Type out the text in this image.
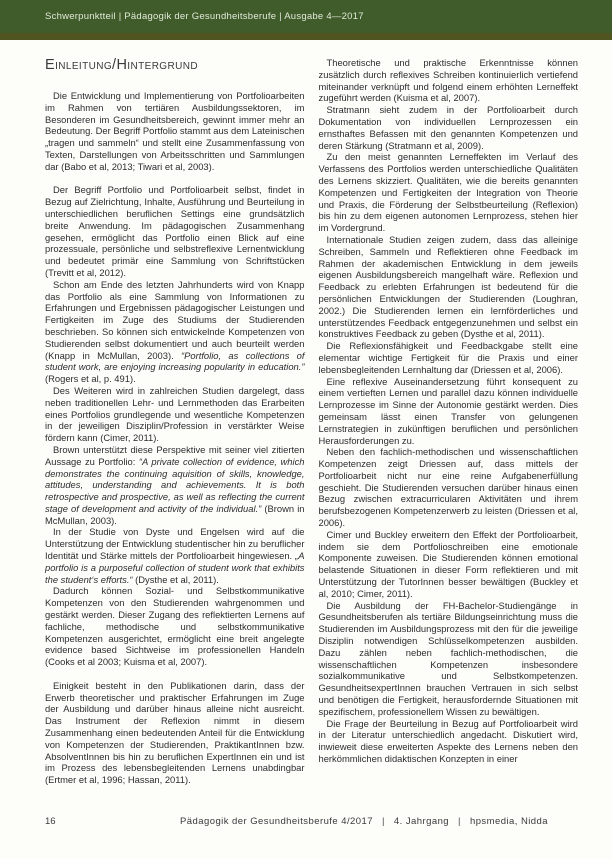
Schwerpunktteil | Pädagogik der Gesundheitsberufe | Ausgabe 4—2017
Einleitung/Hintergrund

Die Entwicklung und Implementierung von Portfolioarbeiten im Rahmen von tertiären Ausbildungssektoren, im Besonderen im Gesundheitsbereich, gewinnt immer mehr an Bedeutung. Der Begriff Portfolio stammt aus dem Lateinischen „tragen und sammeln“ und stellt eine Zusammenfassung von Texten, Darstellungen von Arbeitsschritten und Sammlungen dar (Babo et al, 2013; Tiwari et al, 2003).

Der Begriff Portfolio und Portfolioarbeit selbst, findet in Bezug auf Zielrichtung, Inhalte, Ausführung und Beurteilung in unterschiedlichen beruflichen Settings eine grundsätzlich breite Anwendung. Im pädagogischen Zusammenhang gesehen, ermöglicht das Portfolio einen Blick auf eine prozessuale, persönliche und selbstreflexive Lernentwicklung und bedeutet primär eine Sammlung von Schriftstücken (Trevitt et al, 2012).

Schon am Ende des letzten Jahrhunderts wird von Knapp das Portfolio als eine Sammlung von Informationen zu Erfahrungen und Ergebnissen pädagogischer Leistungen und Fertigkeiten im Zuge des Studiums der Studierenden beschrieben. So können sich entwickelnde Kompetenzen von Studierenden selbst dokumentiert und auch beurteilt werden (Knapp in McMullan, 2003). “Portfolio, as collections of student work, are enjoying increasing popularity in education.” (Rogers et al, p. 491).

Des Weiteren wird in zahlreichen Studien dargelegt, dass neben traditionellen Lehr- und Lernmethoden das Erarbeiten eines Portfolios grundlegende und wesentliche Kompetenzen in der jeweiligen Disziplin/Profession in verstärkter Weise fördern kann (Cimer, 2011).

Brown unterstützt diese Perspektive mit seiner viel zitierten Aussage zu Portfolio: “A private collection of evidence, which demonstrates the continuing aquisition of skills, knowledge, attitudes, understanding and achievements. It is both retrospective and prospective, as well as reflecting the current stage of development and activity of the individual.” (Brown in McMullan, 2003).

In der Studie von Dyste und Engelsen wird auf die Unterstützung der Entwicklung studentischer hin zu beruflicher Identität und Stärke mittels der Portfolioarbeit hingewiesen. „A portfolio is a purposeful collection of student work that exhibits the student‘s efforts.“ (Dysthe et al, 2011).

Dadurch können Sozial- und Selbstkommunikative Kompetenzen von den Studierenden wahrgenommen und gestärkt werden. Dieser Zugang des reflektierten Lernens auf fachliche, methodische und selbstkommunikative Kompetenzen ausgerichtet, ermöglicht eine breit angelegte evidence based Sichtweise im professionellen Handeln (Cooks et al 2003; Kuisma et al, 2007).

Einigkeit besteht in den Publikationen darin, dass der Erwerb theoretischer und praktischer Erfahrungen im Zuge der Ausbildung und darüber hinaus alleine nicht ausreicht. Das Instrument der Reflexion nimmt in diesem Zusammenhang einen bedeutenden Anteil für die Entwicklung von Kompetenzen der Studierenden, PraktikantInnen bzw. AbsolventInnen bis hin zu beruflichen ExpertInnen ein und ist im Prozess des lebensbegleitenden Lernens unabdingbar (Ertmer et al, 1996; Hassan, 2011).

Theoretische und praktische Erkenntnisse können zusätzlich durch reflexives Schreiben kontinuierlich vertiefend miteinander verknüpft und folgend einem erhöhten Lerneffekt zugeführt werden (Kuisma et al, 2007).

Stratmann sieht zudem in der Portfolioarbeit durch Dokumentation von individuellen Lernprozessen ein ernsthaftes Befassen mit den genannten Kompetenzen und deren Stärkung (Stratmann et al, 2009).

Zu den meist genannten Lerneffekten im Verlauf des Verfassens des Portfolios werden unterschiedliche Qualitäten des Lernens skizziert. Qualitäten, wie die bereits genannten Kompetenzen und Fertigkeiten der Integration von Theorie und Praxis, die Förderung der Selbstbeurteilung (Reflexion) bis hin zu dem eigenen autonomen Lernprozess, stehen hier im Vordergrund.

Internationale Studien zeigen zudem, dass das alleinige Schreiben, Sammeln und Reflektieren ohne Feedback im Rahmen der akademischen Entwicklung in dem jeweils eigenen Ausbildungsbereich mangelhaft wäre. Reflexion und Feedback zu erlebten Erfahrungen ist bedeutend für die persönlichen Entwicklungen der Studierenden (Loughran, 2002.) Die Studierenden lernen ein lernförderliches und unterstützendes Feedback entgegenzunehmen und selbst ein konstruktives Feedback zu geben (Dysthe et al, 2011).

Die Reflexionsfähigkeit und Feedbackgabe stellt eine elementar wichtige Fertigkeit für die Praxis und einer lebensbegleitenden Lernhaltung dar (Driessen et al, 2006).

Eine reflexive Auseinandersetzung führt konsequent zu einem vertieften Lernen und parallel dazu können individuelle Lernprozesse im Sinne der Autonomie gestärkt werden. Dies gemeinsam lässt einen Transfer von gelungenen Lernstrategien in zukünftigen beruflichen und persönlichen Herausforderungen zu.

Neben den fachlich-methodischen und wissenschaftlichen Kompetenzen zeigt Driessen auf, dass mittels der Portfolioarbeit nicht nur eine reine Aufgabenerfüllung geschieht. Die Studierenden versuchen darüber hinaus einen Bezug zwischen extracurricularen Aktivitäten und ihrem berufsbezogenen Kompetenzerwerb zu leisten (Driessen et al, 2006).

Cimer und Buckley erweitern den Effekt der Portfolioarbeit, indem sie dem Portfolioschreiben eine emotionale Komponente zuweisen. Die Studierenden können emotional belastende Situationen in dieser Form reflektieren und mit Unterstützung der TutorInnen besser bewältigen (Buckley et al, 2010; Cimer, 2011).

Die Ausbildung der FH-Bachelor-Studiengänge in Gesundheitsberufen als tertiäre Bildungseinrichtung muss die Studierenden im Ausbildungsprozess mit den für die jeweilige Disziplin notwendigen Schlüsselkompetenzen ausbilden. Dazu zählen neben fachlich-methodischen, die wissenschaftlichen Kompetenzen insbesondere sozialkommunikative und Selbstkompetenzen. GesundheitsexpertInnen brauchen Vertrauen in sich selbst und benötigen die Fertigkeit, herausfordernde Situationen mit spezifischem, professionellem Wissen zu bewältigen.

Die Frage der Beurteilung in Bezug auf Portfolioarbeit wird in der Literatur unterschiedlich angedacht. Diskutiert wird, inwieweit diese erweiterten Aspekte des Lernens neben den herkömmlichen didaktischen Konzepten in einer

16	Pädagogik der Gesundheitsberufe 4/2017 | 4. Jahrgang | hpsmedia, Nidda
